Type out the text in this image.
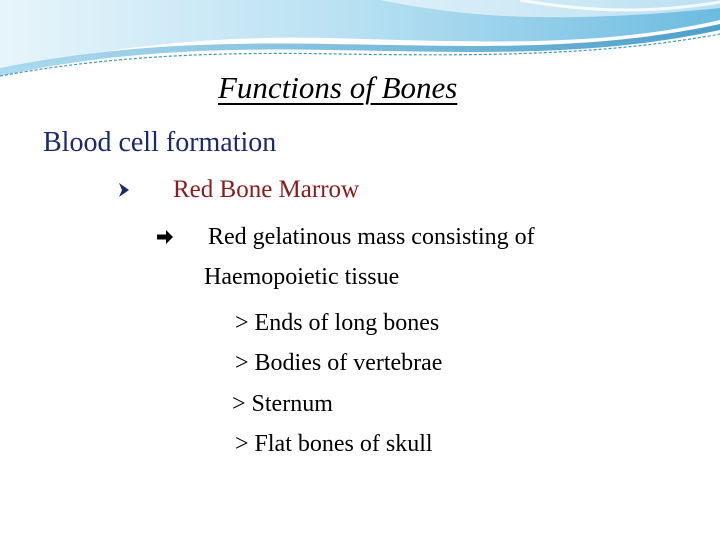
Functions of Bones
Blood cell formation
Red Bone Marrow
Red gelatinous mass consisting of
Haemopoietic tissue
> Ends of long bones
> Bodies of vertebrae
> Sternum
> Flat bones of skull
